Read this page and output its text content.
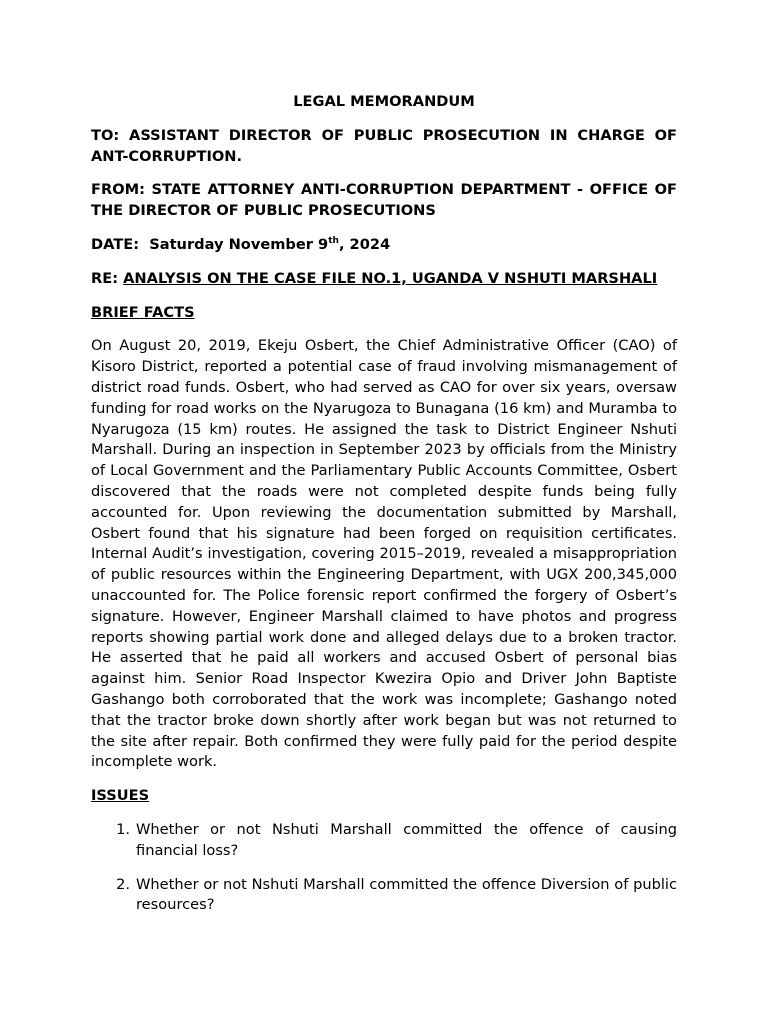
LEGAL MEMORANDUM
TO: ASSISTANT DIRECTOR OF PUBLIC PROSECUTION IN CHARGE OF ANT-CORRUPTION.
FROM: STATE ATTORNEY ANTI-CORRUPTION DEPARTMENT - OFFICE OF THE DIRECTOR OF PUBLIC PROSECUTIONS
DATE: Saturday November 9th, 2024
RE: ANALYSIS ON THE CASE FILE NO.1, UGANDA V NSHUTI MARSHALI
BRIEF FACTS

On August 20, 2019, Ekeju Osbert, the Chief Administrative Officer (CAO) of Kisoro District, reported a potential case of fraud involving mismanagement of district road funds. Osbert, who had served as CAO for over six years, oversaw funding for road works on the Nyarugoza to Bunagana (16 km) and Muramba to Nyarugoza (15 km) routes. He assigned the task to District Engineer Nshuti Marshall. During an inspection in September 2023 by officials from the Ministry of Local Government and the Parliamentary Public Accounts Committee, Osbert discovered that the roads were not completed despite funds being fully accounted for. Upon reviewing the documentation submitted by Marshall, Osbert found that his signature had been forged on requisition certificates. Internal Audit’s investigation, covering 2015–2019, revealed a misappropriation of public resources within the Engineering Department, with UGX 200,345,000 unaccounted for. The Police forensic report confirmed the forgery of Osbert’s signature. However, Engineer Marshall claimed to have photos and progress reports showing partial work done and alleged delays due to a broken tractor. He asserted that he paid all workers and accused Osbert of personal bias against him. Senior Road Inspector Kwezira Opio and Driver John Baptiste Gashango both corroborated that the work was incomplete; Gashango noted that the tractor broke down shortly after work began but was not returned to the site after repair. Both confirmed they were fully paid for the period despite incomplete work.

ISSUES
1. Whether or not Nshuti Marshall committed the offence of causing financial loss?
2. Whether or not Nshuti Marshall committed the offence Diversion of public resources?
